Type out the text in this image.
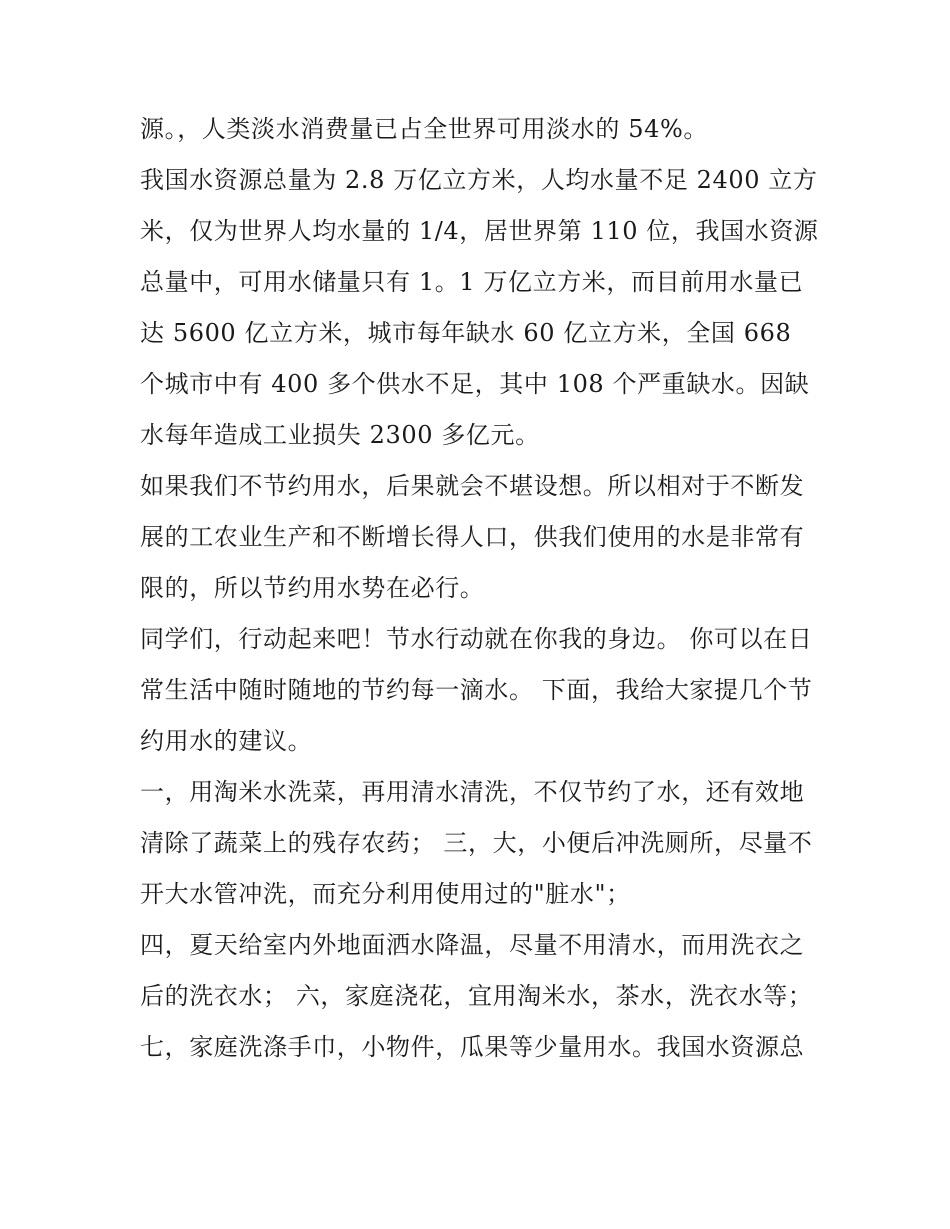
源。，人类淡水消费量已占全世界可用淡水的 54%。

我国水资源总量为 2.8 万亿立方米，人均水量不足 2400 立方米，仅为世界人均水量的 1/4，居世界第 110 位，我国水资源总量中，可用水储量只有 1。1 万亿立方米，而目前用水量已达 5600 亿立方米，城市每年缺水 60 亿立方米，全国 668 个城市中有 400 多个供水不足，其中 108 个严重缺水。因缺水每年造成工业损失 2300 多亿元。

如果我们不节约用水，后果就会不堪设想。所以相对于不断发展的工农业生产和不断增长得人口，供我们使用的水是非常有限的，所以节约用水势在必行。

同学们，行动起来吧！节水行动就在你我的身边。 你可以在日常生活中随时随地的节约每一滴水。 下面，我给大家提几个节约用水的建议。

一，用淘米水洗菜，再用清水清洗，不仅节约了水，还有效地清除了蔬菜上的残存农药； 三，大，小便后冲洗厕所，尽量不开大水管冲洗，而充分利用使用过的"脏水"；

四，夏天给室内外地面洒水降温，尽量不用清水，而用洗衣之后的洗衣水； 六，家庭浇花，宜用淘米水，茶水，洗衣水等；

七，家庭洗涤手巾，小物件，瓜果等少量用水。我国水资源总
